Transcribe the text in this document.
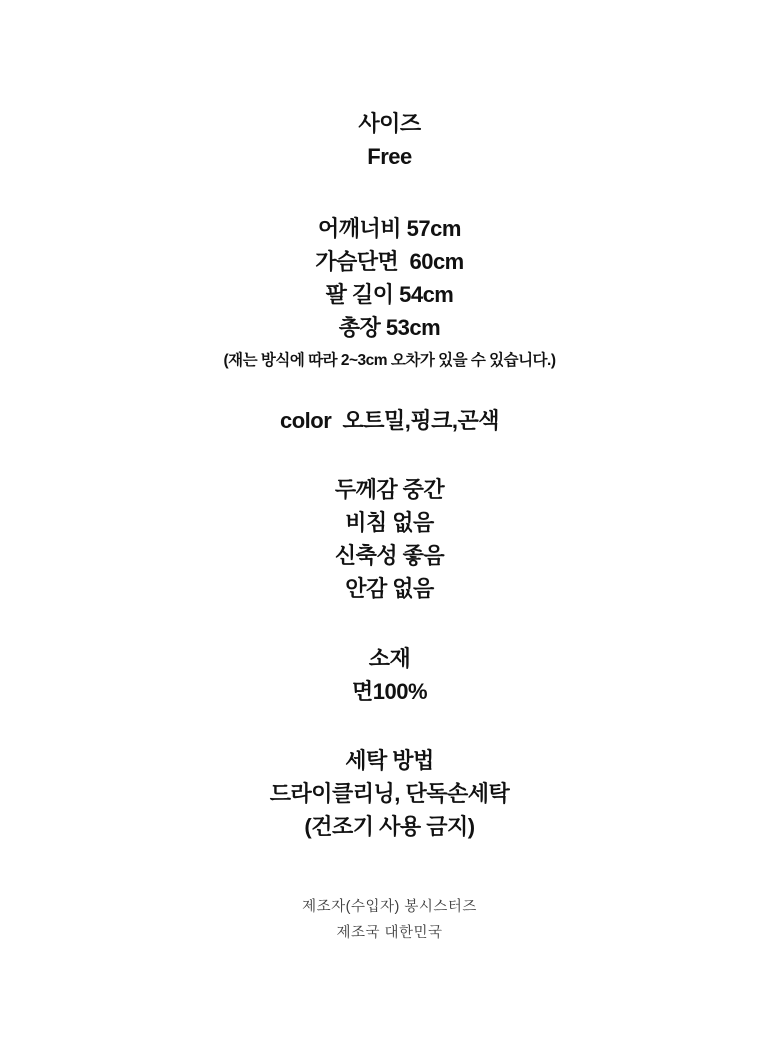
사이즈
Free
어깨너비 57cm
가슴단면  60cm
팔 길이 54cm
총장 53cm
(재는 방식에 따라 2~3cm 오차가 있을 수 있습니다.)
color  오트밀,핑크,곤색
두께감 중간
비침 없음
신축성 좋음
안감 없음
소재
면100%
세탁 방법
드라이클리닝, 단독손세탁
(건조기 사용 금지)
제조자(수입자) 봉시스터즈
제조국 대한민국
